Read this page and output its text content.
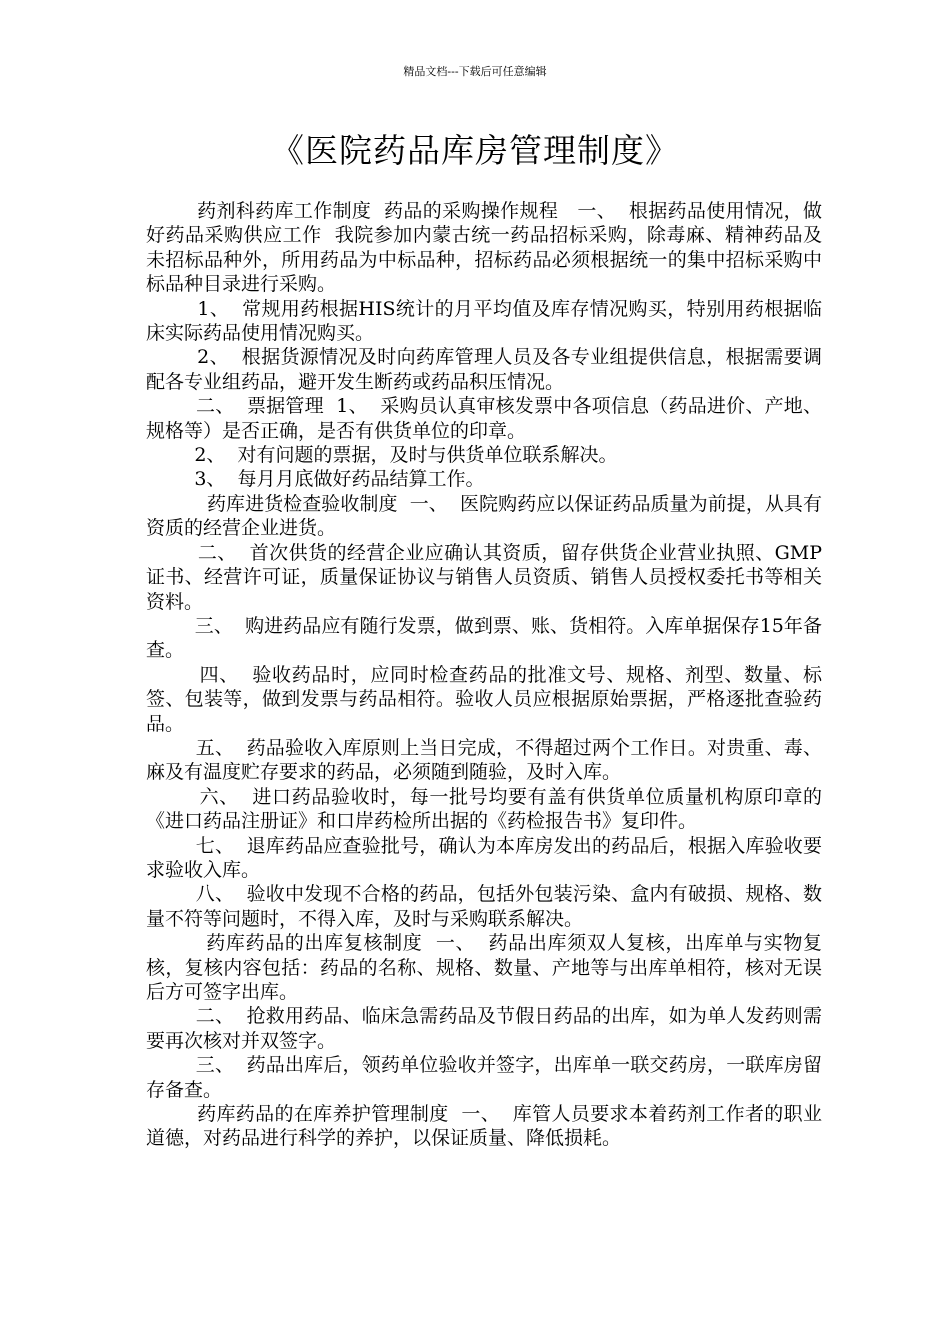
精品文档---下载后可任意编辑
《医院药品库房管理制度》

药剂科药库工作制度  药品的采购操作规程   一、  根据药品使用情况，做好药品采购供应工作  我院参加内蒙古统一药品招标采购，除毒麻、精神药品及未招标品种外，所用药品为中标品种，招标药品必须根据统一的集中招标采购中标品种目录进行采购。

1、  常规用药根据HIS统计的月平均值及库存情况购买，特别用药根据临床实际药品使用情况购买。

2、  根据货源情况及时向药库管理人员及各专业组提供信息，根据需要调配各专业组药品，避开发生断药或药品积压情况。

二、  票据管理  1、  采购员认真审核发票中各项信息（药品进价、产地、规格等）是否正确，是否有供货单位的印章。

2、  对有问题的票据，及时与供货单位联系解决。

3、  每月月底做好药品结算工作。

药库进货检查验收制度  一、  医院购药应以保证药品质量为前提，从具有资质的经营企业进货。

二、  首次供货的经营企业应确认其资质，留存供货企业营业执照、GMP证书、经营许可证，质量保证协议与销售人员资质、销售人员授权委托书等相关资料。

三、  购进药品应有随行发票，做到票、账、货相符。入库单据保存15年备查。

四、  验收药品时，应同时检查药品的批准文号、规格、剂型、数量、标签、包装等，做到发票与药品相符。验收人员应根据原始票据，严格逐批查验药品。

五、  药品验收入库原则上当日完成，不得超过两个工作日。对贵重、毒、麻及有温度贮存要求的药品，必须随到随验，及时入库。

六、  进口药品验收时，每一批号均要有盖有供货单位质量机构原印章的《进口药品注册证》和口岸药检所出据的《药检报告书》复印件。

七、  退库药品应查验批号，确认为本库房发出的药品后，根据入库验收要求验收入库。

八、  验收中发现不合格的药品，包括外包装污染、盒内有破损、规格、数量不符等问题时，不得入库，及时与采购联系解决。

药库药品的出库复核制度  一、  药品出库须双人复核，出库单与实物复核，复核内容包括：药品的名称、规格、数量、产地等与出库单相符，核对无误后方可签字出库。

二、  抢救用药品、临床急需药品及节假日药品的出库，如为单人发药则需要再次核对并双签字。

三、  药品出库后，领药单位验收并签字，出库单一联交药房，一联库房留存备查。

药库药品的在库养护管理制度  一、  库管人员要求本着药剂工作者的职业道德，对药品进行科学的养护，以保证质量、降低损耗。
